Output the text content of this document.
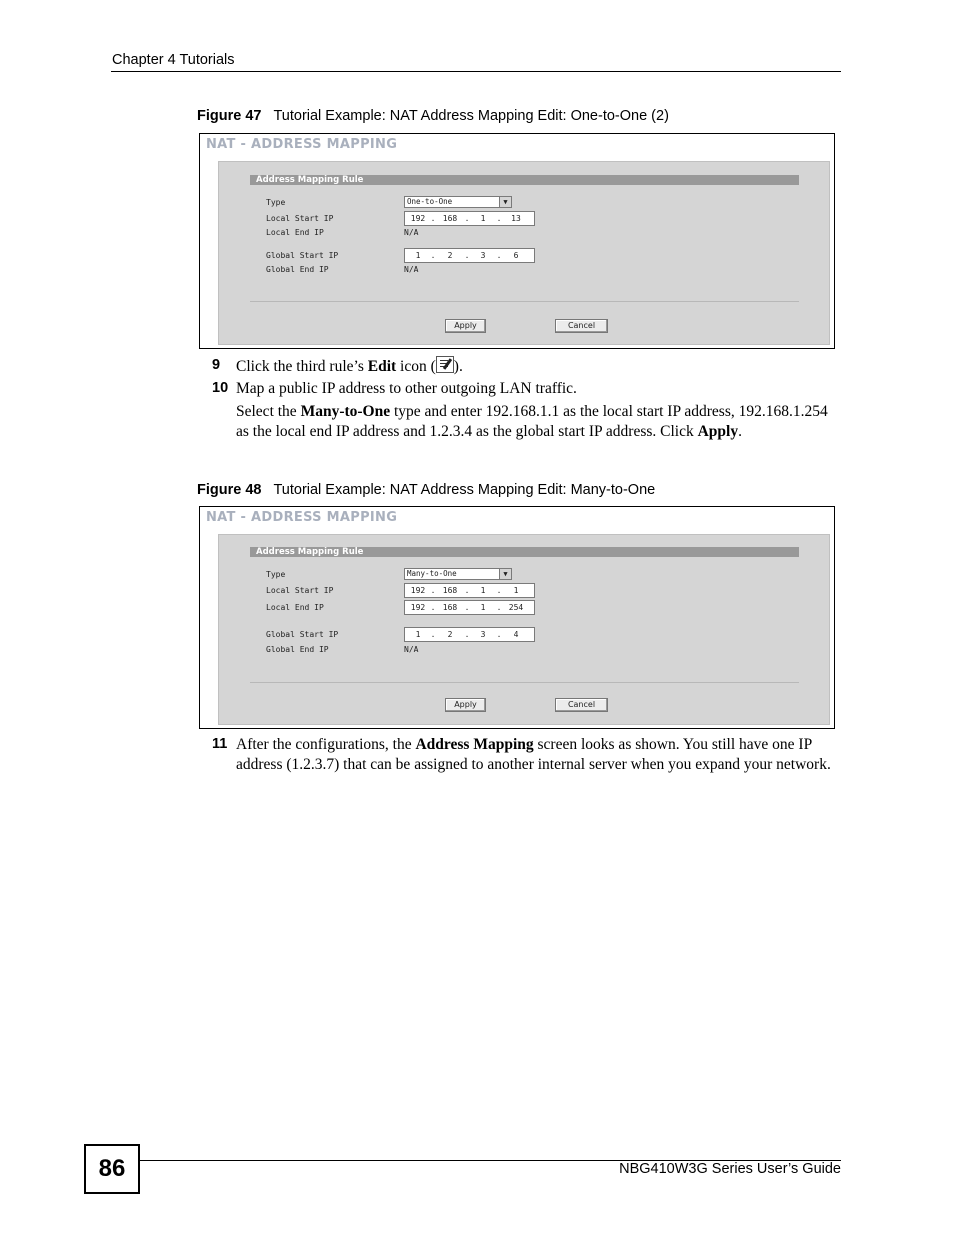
Chapter 4 Tutorials
Figure 47 Tutorial Example: NAT Address Mapping Edit: One-to-One (2)
NAT - ADDRESS MAPPING
Address Mapping Rule
Type	One-to-One	▼
Local Start IP	192 . 168 .	1	.	13
Local End IP	N/A
Global Start IP	1	.	2	.	3	.	6
Global End IP	N/A
Apply	Cancel
9 Click the third rule’s Edit icon ( ).
10 Map a public IP address to other outgoing LAN traffic.
Select the Many-to-One type and enter 192.168.1.1 as the local start IP address, 192.168.1.254 as the local end IP address and 1.2.3.4 as the global start IP address. Click Apply.
Figure 48 Tutorial Example: NAT Address Mapping Edit: Many-to-One
NAT - ADDRESS MAPPING
Address Mapping Rule
Type	Many-to-One	▼
Local Start IP	192 . 168 .	1	.	1
Local End IP	192 . 168 .	1	. 254
Global Start IP	1	.	2	.	3	.	4
Global End IP	N/A
Apply	Cancel
11 After the configurations, the Address Mapping screen looks as shown. You still have one IP address (1.2.3.7) that can be assigned to another internal server when you expand your network.
86	NBG410W3G Series User’s Guide
